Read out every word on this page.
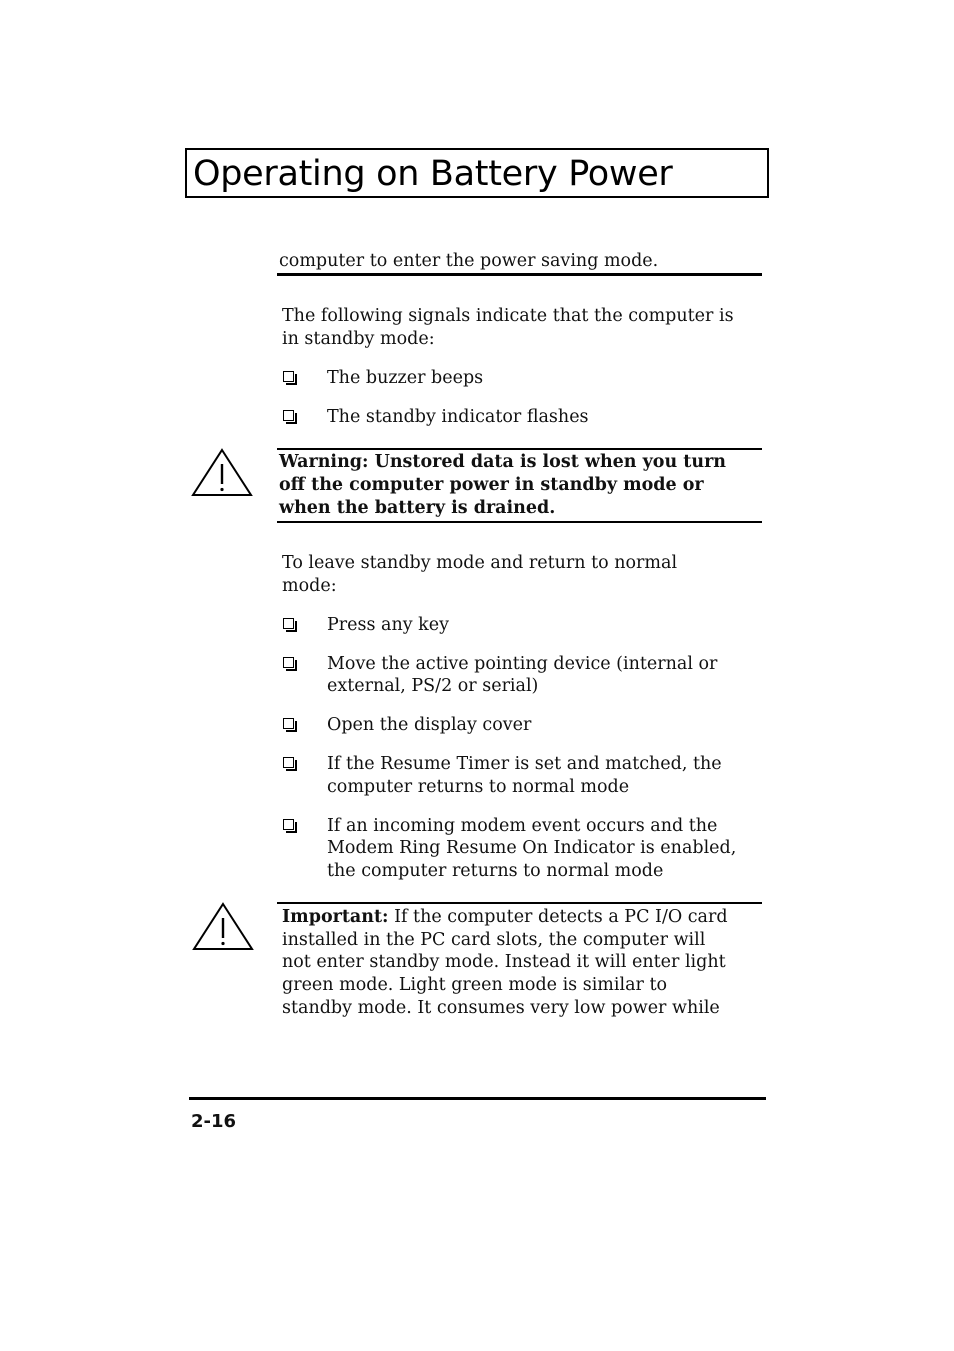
Operating on Battery Power
computer to enter the power saving mode.
The following signals indicate that the computer is
in standby mode:
The buzzer beeps
The standby indicator flashes
Warning: Unstored data is lost when you turn
off the computer power in standby mode or
when the battery is drained.
To leave standby mode and return to normal
mode:
Press any key
Move the active pointing device (internal or
external, PS/2 or serial)
Open the display cover
If the Resume Timer is set and matched, the
computer returns to normal mode
If an incoming modem event occurs and the
Modem Ring Resume On Indicator is enabled,
the computer returns to normal mode
Important: If the computer detects a PC I/O card
installed in the PC card slots, the computer will
not enter standby mode. Instead it will enter light
green mode. Light green mode is similar to
standby mode. It consumes very low power while
2-16
